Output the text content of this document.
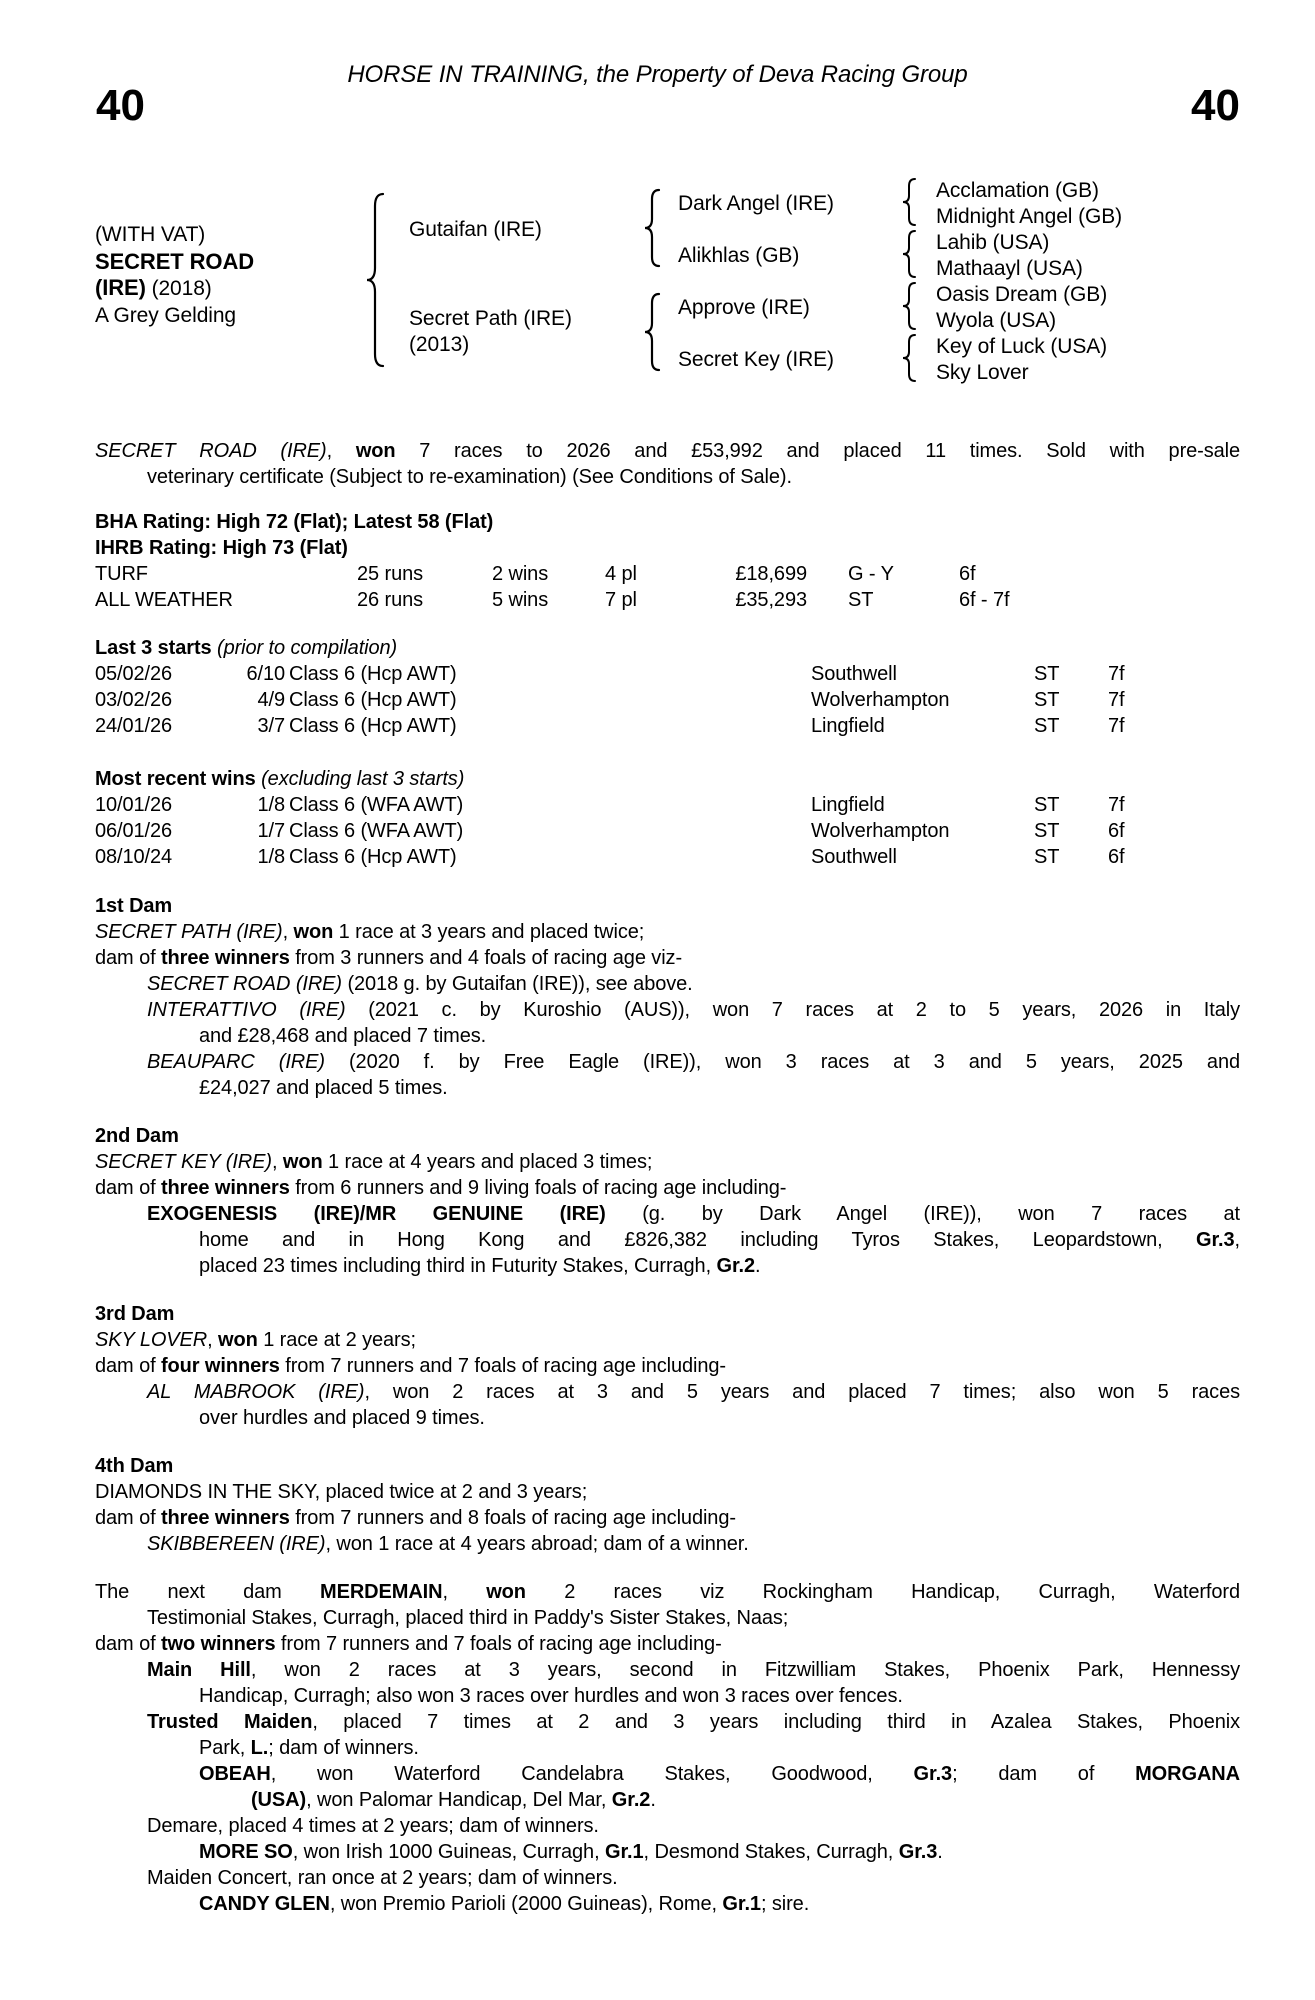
HORSE IN TRAINING, the Property of Deva Racing Group
40	40
(WITH VAT)
SECRET ROAD
(IRE) (2018)
A Grey Gelding
Gutaifan (IRE)
Secret Path (IRE)
(2013)
Dark Angel (IRE)
Alikhlas (GB)
Approve (IRE)
Secret Key (IRE)
Acclamation (GB)
Midnight Angel (GB)
Lahib (USA)
Mathaayl (USA)
Oasis Dream (GB)
Wyola (USA)
Key of Luck (USA)
Sky Lover
SECRET ROAD (IRE), won 7 races to 2026 and £53,992 and placed 11 times. Sold with pre-sale
veterinary certificate (Subject to re-examination) (See Conditions of Sale).
BHA Rating: High 72 (Flat); Latest 58 (Flat)
IHRB Rating: High 73 (Flat)
TURF	25 runs	2 wins	4 pl	£18,699 G - Y	6f
ALL WEATHER	26 runs	5 wins	7 pl	£35,293 ST	6f - 7f
Last 3 starts (prior to compilation)
05/02/26	6/10 Class 6 (Hcp AWT)	Southwell	ST 7f
03/02/26	4/9 Class 6 (Hcp AWT)	Wolverhampton	ST 7f
24/01/26	3/7 Class 6 (Hcp AWT)	Lingfield	ST 7f
Most recent wins (excluding last 3 starts)
10/01/26	1/8 Class 6 (WFA AWT)	Lingfield	ST 7f
06/01/26	1/7 Class 6 (WFA AWT)	Wolverhampton	ST 6f
08/10/24	1/8 Class 6 (Hcp AWT)	Southwell	ST 6f
1st Dam
SECRET PATH (IRE), won 1 race at 3 years and placed twice;
dam of three winners from 3 runners and 4 foals of racing age viz-
SECRET ROAD (IRE) (2018 g. by Gutaifan (IRE)), see above.
INTERATTIVO (IRE) (2021 c. by Kuroshio (AUS)), won 7 races at 2 to 5 years, 2026 in Italy
and £28,468 and placed 7 times.
BEAUPARC (IRE) (2020 f. by Free Eagle (IRE)), won 3 races at 3 and 5 years, 2025 and
£24,027 and placed 5 times.
2nd Dam
SECRET KEY (IRE), won 1 race at 4 years and placed 3 times;
dam of three winners from 6 runners and 9 living foals of racing age including-
EXOGENESIS (IRE)/MR GENUINE (IRE) (g. by Dark Angel (IRE)), won 7 races at
home and in Hong Kong and £826,382 including Tyros Stakes, Leopardstown, Gr.3,
placed 23 times including third in Futurity Stakes, Curragh, Gr.2.
3rd Dam
SKY LOVER, won 1 race at 2 years;
dam of four winners from 7 runners and 7 foals of racing age including-
AL MABROOK (IRE), won 2 races at 3 and 5 years and placed 7 times; also won 5 races
over hurdles and placed 9 times.
4th Dam
DIAMONDS IN THE SKY, placed twice at 2 and 3 years;
dam of three winners from 7 runners and 8 foals of racing age including-
SKIBBEREEN (IRE), won 1 race at 4 years abroad; dam of a winner.
The next dam MERDEMAIN, won 2 races viz Rockingham Handicap, Curragh, Waterford
Testimonial Stakes, Curragh, placed third in Paddy's Sister Stakes, Naas;
dam of two winners from 7 runners and 7 foals of racing age including-
Main Hill, won 2 races at 3 years, second in Fitzwilliam Stakes, Phoenix Park, Hennessy
Handicap, Curragh; also won 3 races over hurdles and won 3 races over fences.
Trusted Maiden, placed 7 times at 2 and 3 years including third in Azalea Stakes, Phoenix
Park, L.; dam of winners.
OBEAH, won Waterford Candelabra Stakes, Goodwood, Gr.3; dam of MORGANA
(USA), won Palomar Handicap, Del Mar, Gr.2.
Demare, placed 4 times at 2 years; dam of winners.
MORE SO, won Irish 1000 Guineas, Curragh, Gr.1, Desmond Stakes, Curragh, Gr.3.
Maiden Concert, ran once at 2 years; dam of winners.
CANDY GLEN, won Premio Parioli (2000 Guineas), Rome, Gr.1; sire.
